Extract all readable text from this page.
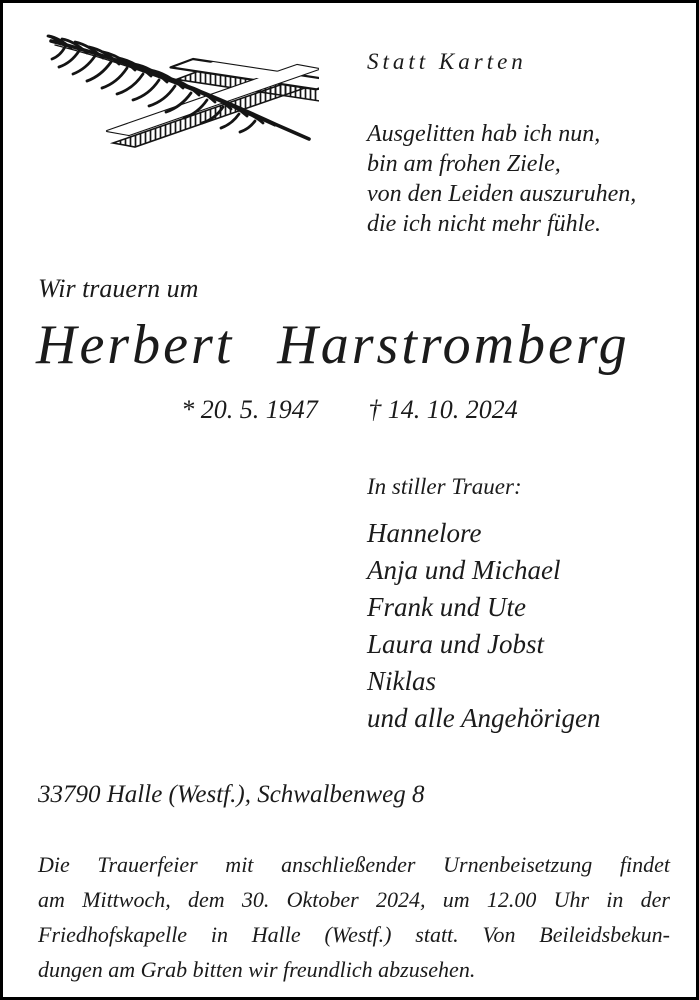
Statt Karten
Ausgelitten hab ich nun,
bin am frohen Ziele,
von den Leiden auszuruhen,
die ich nicht mehr fühle.
Wir trauern um
Herbert Harstromberg
* 20. 5. 1947 † 14. 10. 2024
In stiller Trauer:
Hannelore
Anja und Michael
Frank und Ute
Laura und Jobst
Niklas
und alle Angehörigen
33790 Halle (Westf.), Schwalbenweg 8
Die Trauerfeier mit anschließender Urnenbeisetzung findet
am Mittwoch, dem 30. Oktober 2024, um 12.00 Uhr in der
Friedhofskapelle in Halle (Westf.) statt. Von Beileidsbekun-
dungen am Grab bitten wir freundlich abzusehen.
